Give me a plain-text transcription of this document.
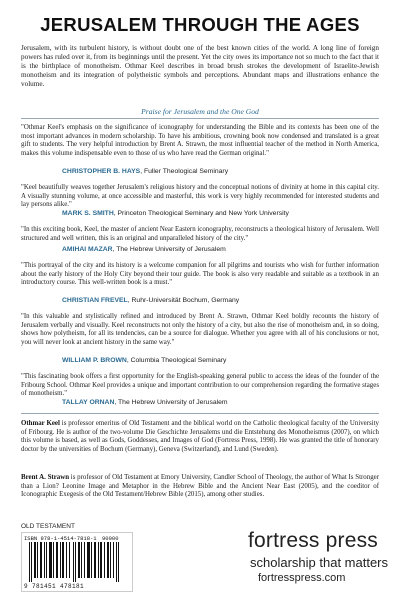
JERUSALEM THROUGH THE AGES

Jerusalem, with its turbulent history, is without doubt one of the best known cities of the world. A long line of foreign powers has ruled over it, from its beginnings until the present. Yet the city owes its importance not so much to the fact that it is the birthplace of monotheism. Othmar Keel describes in broad brush strokes the development of Israelite-Jewish monotheism and its integration of polytheistic symbols and perceptions. Abundant maps and illustrations enhance the volume.

Praise for Jerusalem and the One God

"Othmar Keel's emphasis on the significance of iconography for understanding the Bible and its contexts has been one of the most important advances in modern scholarship. To have his ambitious, crowning book now condensed and translated is a great gift to students. The very helpful introduction by Brent A. Strawn, the most influential teacher of the method in North America, makes this volume indispensable even to those of us who have read the German original."

CHRISTOPHER B. HAYS, Fuller Theological Seminary

"Keel beautifully weaves together Jerusalem's religious history and the conceptual notions of divinity at home in this capital city. A visually stunning volume, at once accessible and masterful, this work is very highly recommended for interested students and lay persons alike."

MARK S. SMITH, Princeton Theological Seminary and New York University

"In this exciting book, Keel, the master of ancient Near Eastern iconography, reconstructs a theological history of Jerusalem. Well structured and well written, this is an original and unparalleled history of the city."

AMIHAI MAZAR, The Hebrew University of Jerusalem

"This portrayal of the city and its history is a welcome companion for all pilgrims and tourists who wish for further information about the early history of the Holy City beyond their tour guide. The book is also very readable and suitable as a textbook in an introductory course. This well-written book is a must."

CHRISTIAN FREVEL, Ruhr-Universität Bochum, Germany

"In this valuable and stylistically refined and introduced by Brent A. Strawn, Othmar Keel boldly recounts the history of Jerusalem verbally and visually. Keel reconstructs not only the history of a city, but also the rise of monotheism and, in so doing, shows how polytheism, for all its tendencies, can be a source for dialogue. Whether you agree with all of his conclusions or not, you will never look at ancient history in the same way."

WILLIAM P. BROWN, Columbia Theological Seminary

"This fascinating book offers a first opportunity for the English-speaking general public to access the ideas of the founder of the Fribourg School. Othmar Keel provides a unique and important contribution to our comprehension regarding the formative stages of monotheism."

TALLAY ORNAN, The Hebrew University of Jerusalem

Othmar Keel is professor emeritus of Old Testament and the biblical world on the Catholic theological faculty of the University of Fribourg. He is author of the two-volume Die Geschichte Jerusalems und die Entstehung des Monotheismus (2007), on which this volume is based, as well as Gods, Goddesses, and Images of God (Fortress Press, 1998). He was granted the title of honorary doctor by the universities of Bochum (Germany), Geneva (Switzerland), and Lund (Sweden).

Brent A. Strawn is professor of Old Testament at Emory University, Candler School of Theology, the author of What Is Stronger than a Lion? Leonine Image and Metaphor in the Hebrew Bible and the Ancient Near East (2005), and the coeditor of Iconographic Exegesis of the Old Testament/Hebrew Bible (2015), among other studies.

OLD TESTAMENT
ISBN 978-1-4514-7818-1 90000
9 781451 478181
fortress press
scholarship that matters
fortresspress.com
